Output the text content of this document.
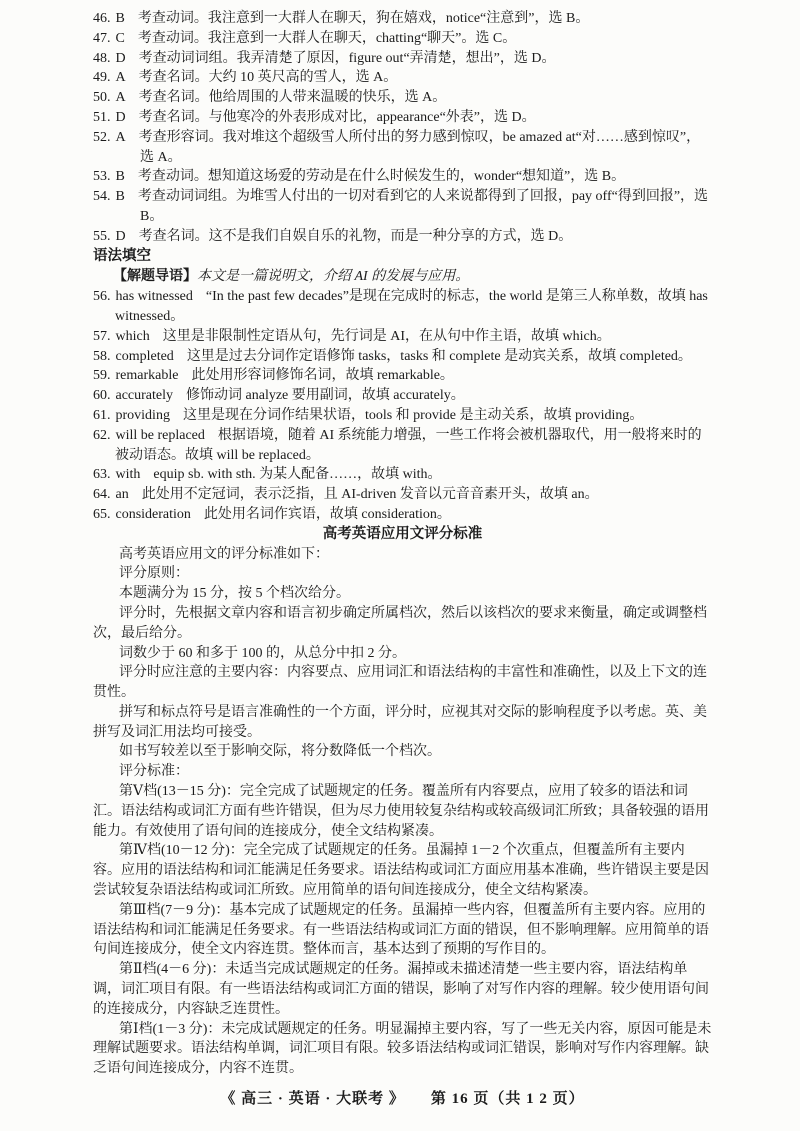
46. B 考查动词。我注意到一大群人在聊天，狗在嬉戏，notice“注意到”，选 B。
47. C 考查动词。我注意到一大群人在聊天，chatting“聊天”。选 C。
48. D 考查动词词组。我弄清楚了原因，figure out“弄清楚，想出”，选 D。
49. A 考查名词。大约 10 英尺高的雪人，选 A。
50. A 考查名词。他给周围的人带来温暖的快乐，选 A。
51. D 考查名词。与他寒冷的外表形成对比，appearance“外表”，选 D。
52. A 考查形容词。我对堆这个超级雪人所付出的努力感到惊叹，be amazed at“对……感到惊叹”，选 A。
53. B 考查动词。想知道这场爱的劳动是在什么时候发生的，wonder“想知道”，选 B。
54. B 考查动词词组。为堆雪人付出的一切对看到它的人来说都得到了回报，pay off“得到回报”，选 B。
55. D 考查名词。这不是我们自娱自乐的礼物，而是一种分享的方式，选 D。
语法填空

【解题导语】本文是一篇说明文，介绍 AI 的发展与应用。

56. has witnessed “In the past few decades”是现在完成时的标志，the world 是第三人称单数，故填 has witnessed。
57. which 这里是非限制性定语从句，先行词是 AI，在从句中作主语，故填 which。
58. completed 这里是过去分词作定语修饰 tasks，tasks 和 complete 是动宾关系，故填 completed。
59. remarkable 此处用形容词修饰名词，故填 remarkable。
60. accurately 修饰动词 analyze 要用副词，故填 accurately。
61. providing 这里是现在分词作结果状语，tools 和 provide 是主动关系，故填 providing。
62. will be replaced 根据语境，随着 AI 系统能力增强，一些工作将会被机器取代，用一般将来时的被动语态。故填 will be replaced。
63. with equip sb. with sth. 为某人配备……，故填 with。
64. an 此处用不定冠词，表示泛指，且 AI-driven 发音以元音音素开头，故填 an。
65. consideration 此处用名词作宾语，故填 consideration。
高考英语应用文评分标准

高考英语应用文的评分标准如下：

评分原则：

本题满分为 15 分，按 5 个档次给分。

评分时，先根据文章内容和语言初步确定所属档次，然后以该档次的要求来衡量，确定或调整档次，最后给分。

词数少于 60 和多于 100 的，从总分中扣 2 分。

评分时应注意的主要内容：内容要点、应用词汇和语法结构的丰富性和准确性，以及上下文的连贯性。

拼写和标点符号是语言准确性的一个方面，评分时，应视其对交际的影响程度予以考虑。英、美拼写及词汇用法均可接受。

如书写较差以至于影响交际，将分数降低一个档次。

评分标准：

第Ⅴ档(13－15 分)：完全完成了试题规定的任务。覆盖所有内容要点，应用了较多的语法和词汇。语法结构或词汇方面有些许错误，但为尽力使用较复杂结构或较高级词汇所致；具备较强的语用能力。有效使用了语句间的连接成分，使全文结构紧凑。

第Ⅳ档(10－12 分)：完全完成了试题规定的任务。虽漏掉 1－2 个次重点，但覆盖所有主要内容。应用的语法结构和词汇能满足任务要求。语法结构或词汇方面应用基本准确，些许错误主要是因尝试较复杂语法结构或词汇所致。应用简单的语句间连接成分，使全文结构紧凑。

第Ⅲ档(7－9 分)：基本完成了试题规定的任务。虽漏掉一些内容，但覆盖所有主要内容。应用的语法结构和词汇能满足任务要求。有一些语法结构或词汇方面的错误，但不影响理解。应用简单的语句间连接成分，使全文内容连贯。整体而言，基本达到了预期的写作目的。

第Ⅱ档(4－6 分)：未适当完成试题规定的任务。漏掉或未描述清楚一些主要内容，语法结构单调，词汇项目有限。有一些语法结构或词汇方面的错误，影响了对写作内容的理解。较少使用语句间的连接成分，内容缺乏连贯性。

第Ⅰ档(1－3 分)：未完成试题规定的任务。明显漏掉主要内容，写了一些无关内容，原因可能是未理解试题要求。语法结构单调，词汇项目有限。较多语法结构或词汇错误，影响对写作内容理解。缺乏语句间连接成分，内容不连贯。

《 高三 · 英语 · 大联考 》 第 16 页（共 1 2 页）
